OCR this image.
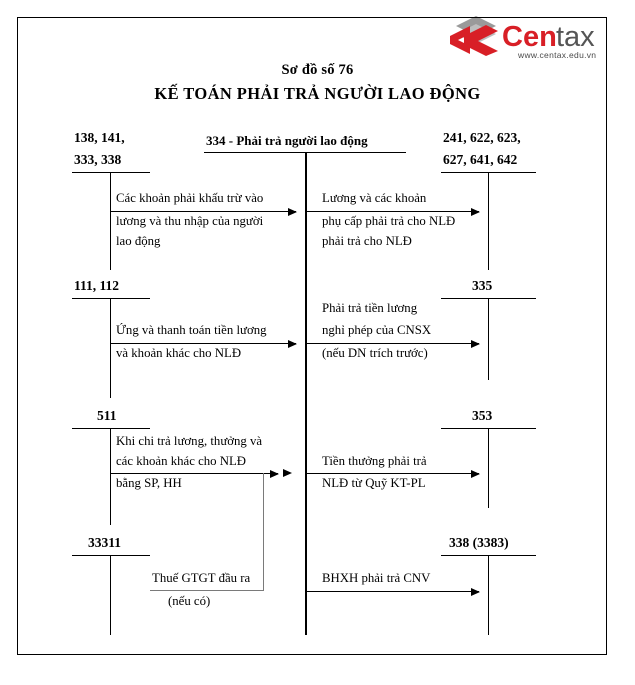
Cen tax
www.centax.edu.vn
Sơ đồ số 76
KẾ TOÁN PHẢI TRẢ NGƯỜI LAO ĐỘNG
334 - Phải trả người lao động
138, 141,
333, 338
111, 112
511
33311
241, 622, 623,
627, 641, 642
335
353
338 (3383)
Các khoản phải khấu trừ vào
lương và thu nhập của người
lao động
Lương và các khoản
phụ cấp phải trả cho NLĐ
phải trả cho NLĐ
Ứng và thanh toán tiền lương
và khoản khác cho NLĐ
Phải trả tiền lương
nghỉ phép của CNSX
(nếu DN trích trước)
Khi chi trả lương, thưởng và
các khoản khác cho NLĐ
bằng SP, HH
Tiền thưởng phải trả
NLĐ từ Quỹ KT-PL
Thuế GTGT đầu ra
(nếu có)
BHXH phải trả CNV
